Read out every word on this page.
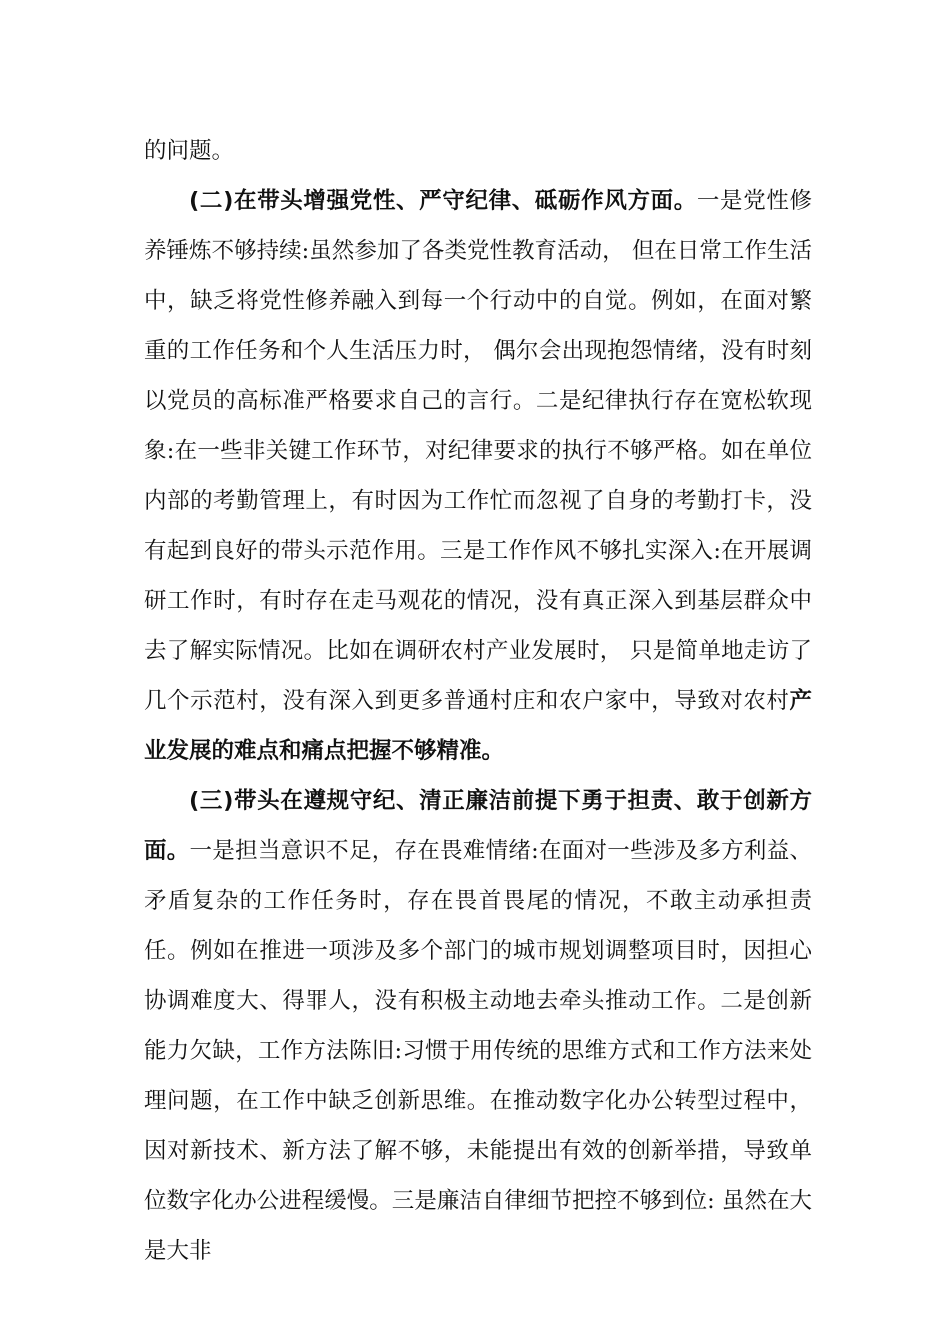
的问题。

(二)在带头增强党性、严守纪律、砥砺作风方面。一是党性修养锤炼不够持续:虽然参加了各类党性教育活动， 但在日常工作生活中，缺乏将党性修养融入到每一个行动中的自觉。例如，在面对繁重的工作任务和个人生活压力时， 偶尔会出现抱怨情绪，没有时刻以党员的高标准严格要求自己的言行。二是纪律执行存在宽松软现象:在一些非关键工作环节，对纪律要求的执行不够严格。如在单位内部的考勤管理上，有时因为工作忙而忽视了自身的考勤打卡，没有起到良好的带头示范作用。三是工作作风不够扎实深入:在开展调研工作时，有时存在走马观花的情况，没有真正深入到基层群众中去了解实际情况。比如在调研农村产业发展时， 只是简单地走访了几个示范村，没有深入到更多普通村庄和农户家中，导致对农村产业发展的难点和痛点把握不够精准。

(三)带头在遵规守纪、清正廉洁前提下勇于担责、敢于创新方面。一是担当意识不足，存在畏难情绪:在面对一些涉及多方利益、矛盾复杂的工作任务时，存在畏首畏尾的情况，不敢主动承担责任。例如在推进一项涉及多个部门的城市规划调整项目时，因担心协调难度大、得罪人，没有积极主动地去牵头推动工作。二是创新能力欠缺，工作方法陈旧:习惯于用传统的思维方式和工作方法来处理问题，在工作中缺乏创新思维。在推动数字化办公转型过程中，因对新技术、新方法了解不够，未能提出有效的创新举措，导致单位数字化办公进程缓慢。三是廉洁自律细节把控不够到位: 虽然在大是大非
